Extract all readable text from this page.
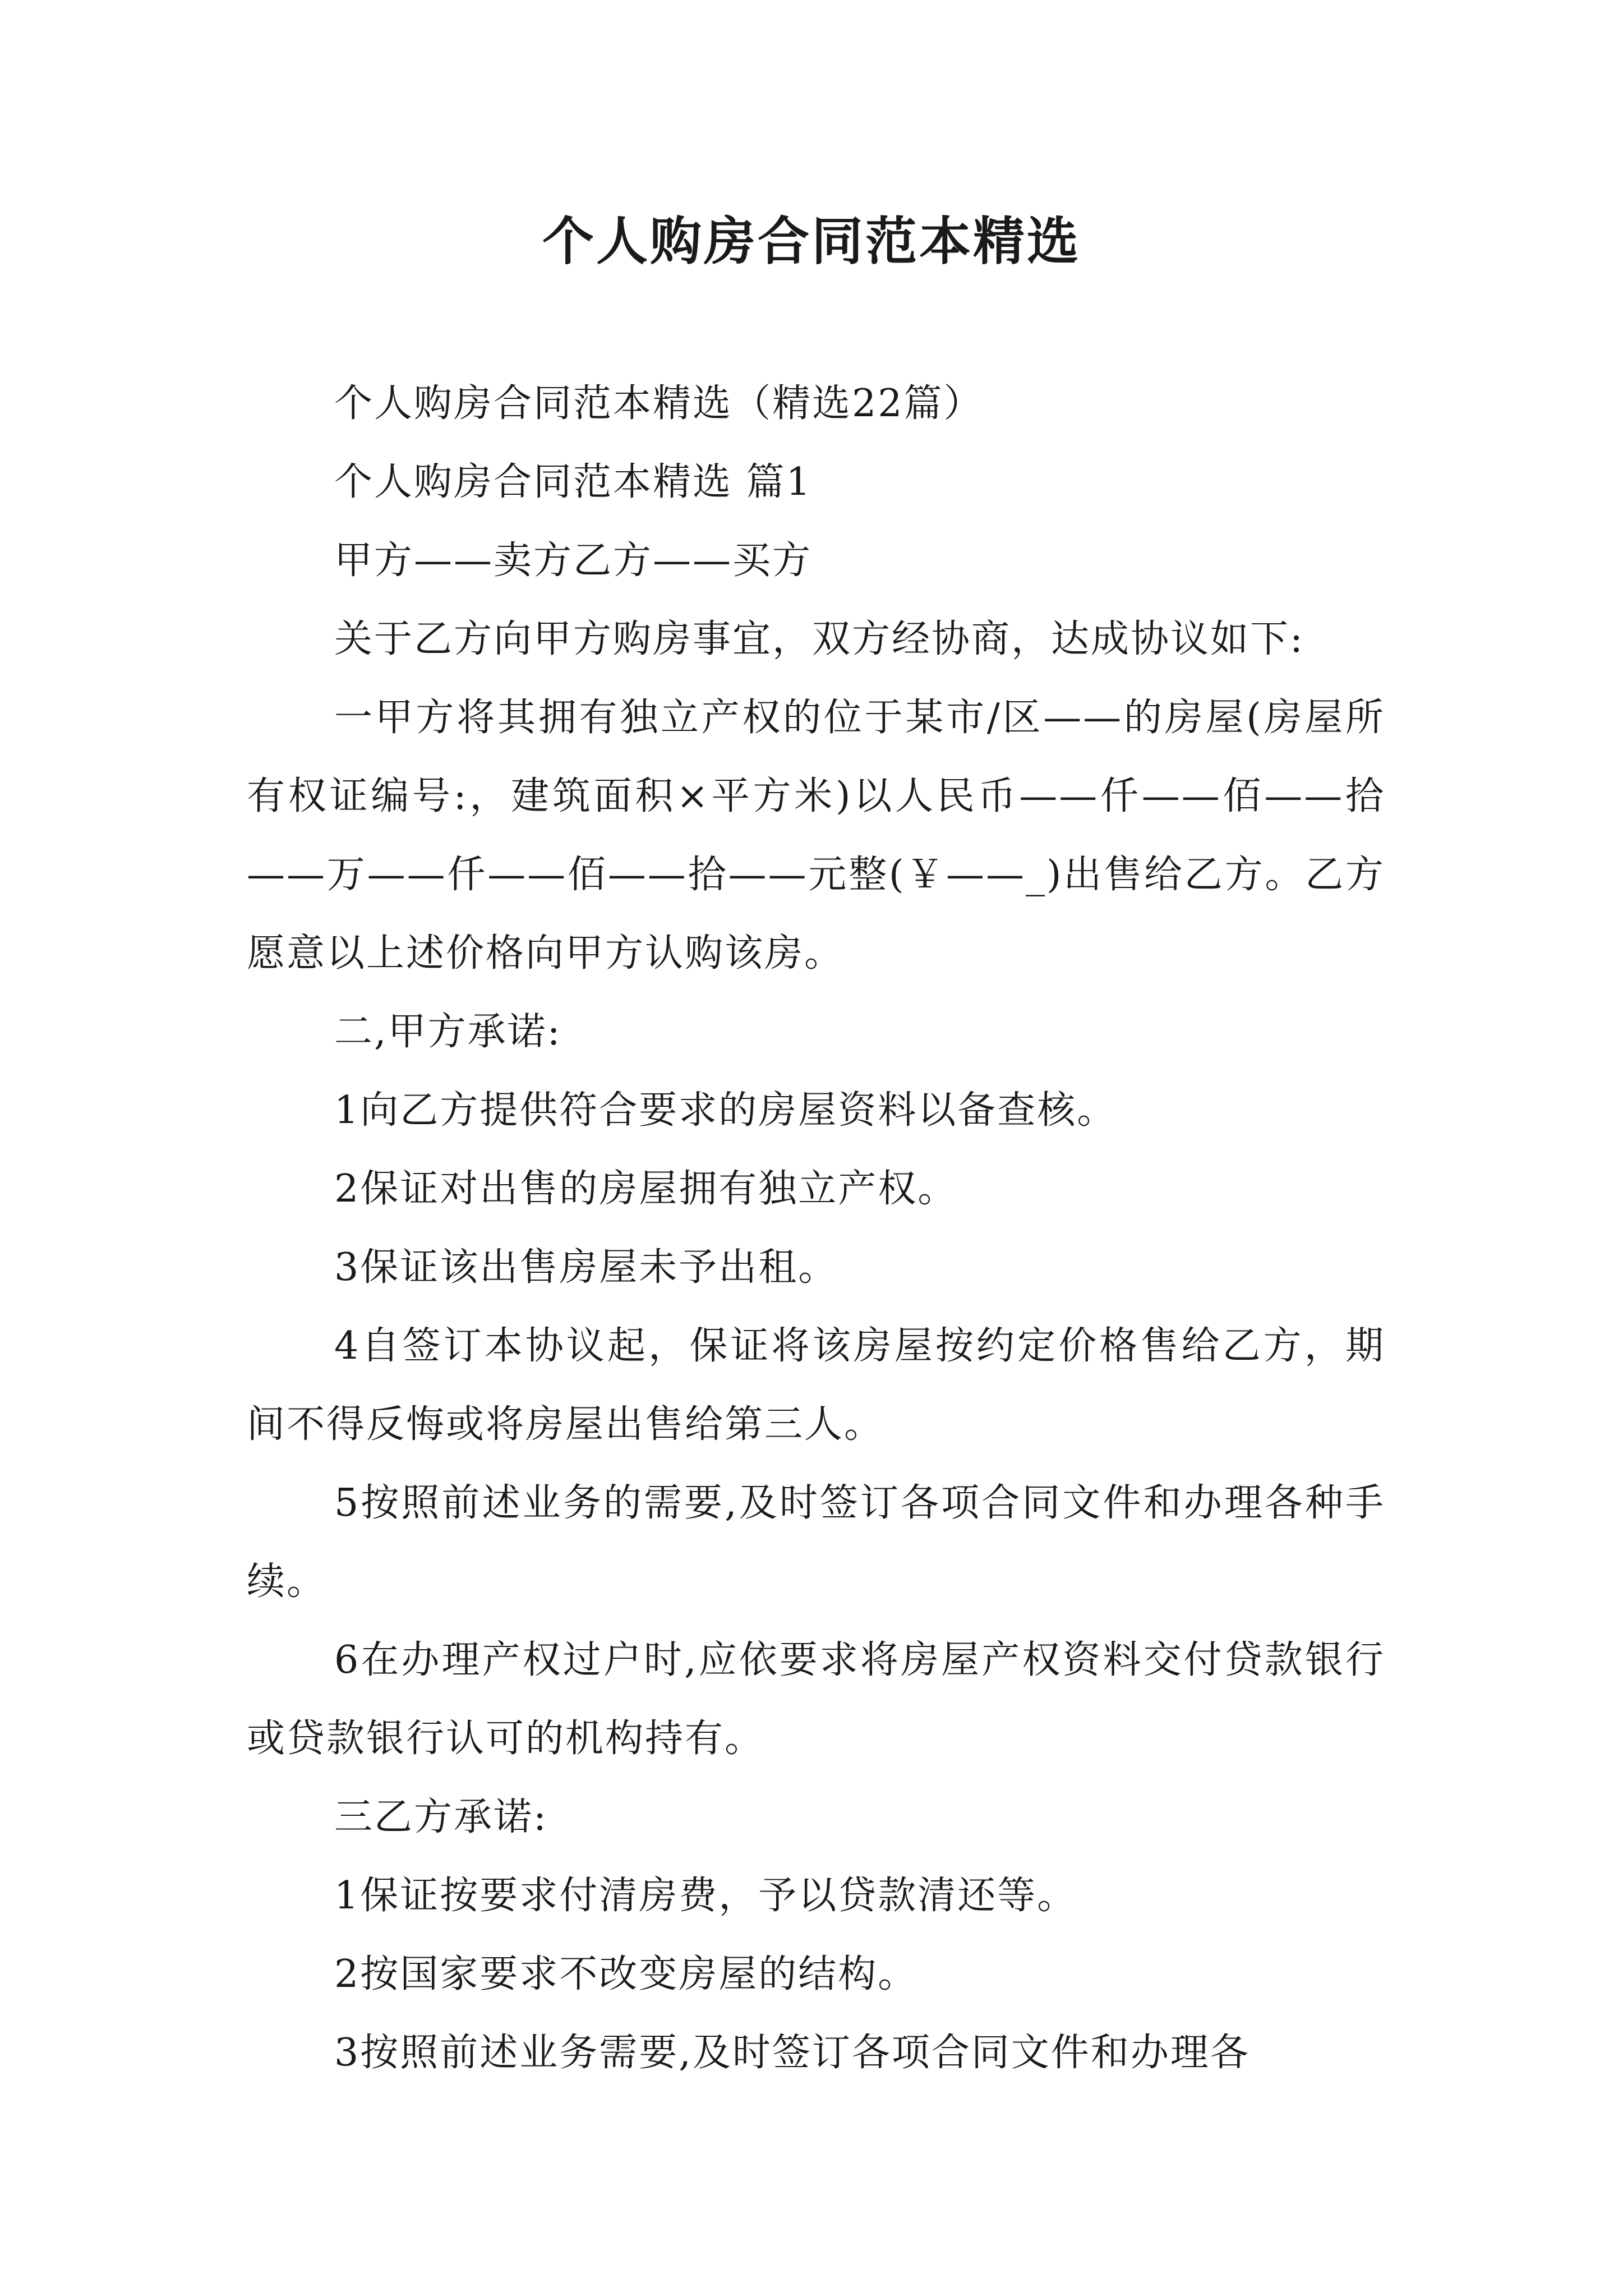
个人购房合同范本精选

个人购房合同范本精选（精选22篇）

个人购房合同范本精选 篇1

甲方——卖方乙方——买方

关于乙方向甲方购房事宜，双方经协商，达成协议如下:

一甲方将其拥有独立产权的位于某市/区——的房屋(房屋所有权证编号:，建筑面积×平方米)以人民币——仟——佰——拾——万——仟——佰——拾——元整(￥——_)出售给乙方。乙方愿意以上述价格向甲方认购该房。

二,甲方承诺:

1向乙方提供符合要求的房屋资料以备查核。

2保证对出售的房屋拥有独立产权。

3保证该出售房屋未予出租。

4自签订本协议起，保证将该房屋按约定价格售给乙方，期间不得反悔或将房屋出售给第三人。

5按照前述业务的需要,及时签订各项合同文件和办理各种手续。

6在办理产权过户时,应依要求将房屋产权资料交付贷款银行或贷款银行认可的机构持有。

三乙方承诺:

1保证按要求付清房费，予以贷款清还等。

2按国家要求不改变房屋的结构。

3按照前述业务需要,及时签订各项合同文件和办理各
